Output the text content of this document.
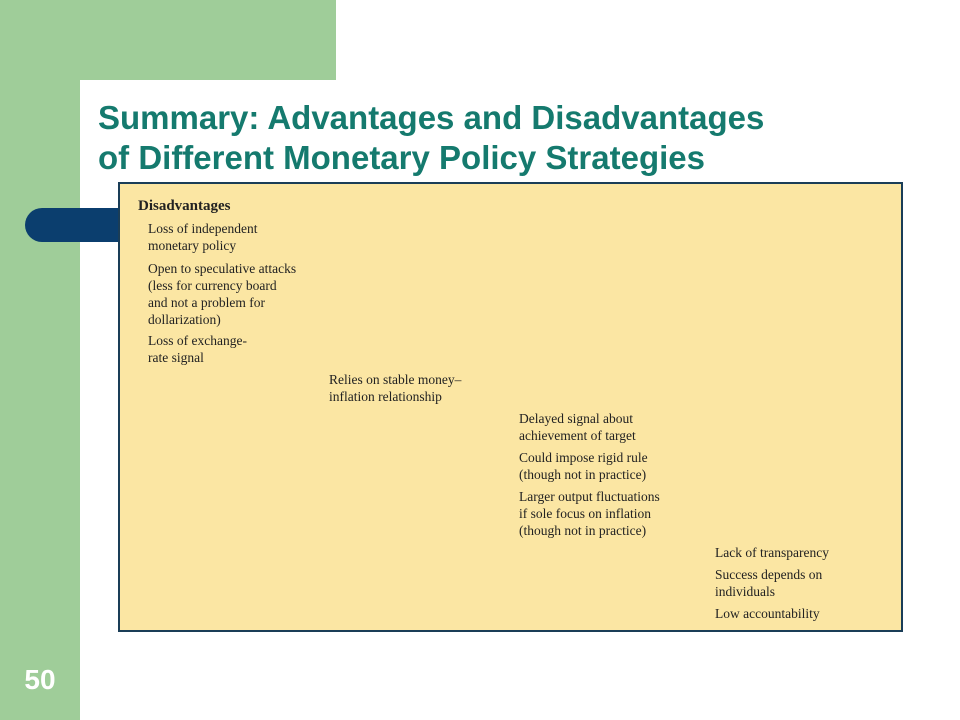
Summary: Advantages and Disadvantages
of Different Monetary Policy Strategies
Disadvantages

Loss of independent
monetary policy

Open to speculative attacks
(less for currency board
and not a problem for
dollarization)

Loss of exchange-
rate signal

Relies on stable money–
inflation relationship

Delayed signal about
achievement of target

Could impose rigid rule
(though not in practice)

Larger output fluctuations
if sole focus on inflation
(though not in practice)

Lack of transparency

Success depends on
individuals

Low accountability

50
